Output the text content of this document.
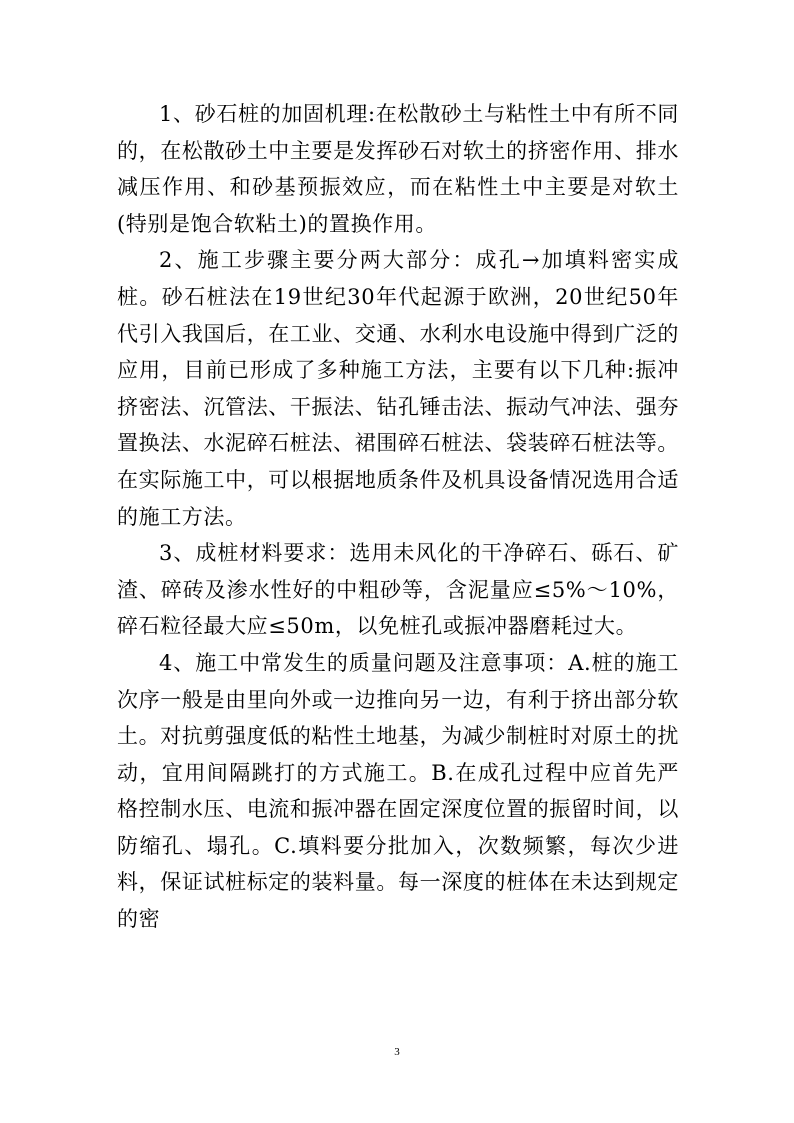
1、砂石桩的加固机理:在松散砂土与粘性土中有所不同的，在松散砂土中主要是发挥砂石对软土的挤密作用、排水减压作用、和砂基预振效应，而在粘性土中主要是对软土(特别是饱合软粘土)的置换作用。

2、施工步骤主要分两大部分：成孔→加填料密实成桩。砂石桩法在19世纪30年代起源于欧洲，20世纪50年代引入我国后，在工业、交通、水利水电设施中得到广泛的应用，目前已形成了多种施工方法，主要有以下几种:振冲挤密法、沉管法、干振法、钻孔锤击法、振动气冲法、强夯置换法、水泥碎石桩法、裙围碎石桩法、袋装碎石桩法等。在实际施工中，可以根据地质条件及机具设备情况选用合适的施工方法。

3、成桩材料要求：选用未风化的干净碎石、砾石、矿渣、碎砖及渗水性好的中粗砂等，含泥量应≤5%～10%，碎石粒径最大应≤50m，以免桩孔或振冲器磨耗过大。

4、施工中常发生的质量问题及注意事项：A.桩的施工次序一般是由里向外或一边推向另一边，有利于挤出部分软土。对抗剪强度低的粘性土地基，为减少制桩时对原土的扰动，宜用间隔跳打的方式施工。B.在成孔过程中应首先严格控制水压、电流和振冲器在固定深度位置的振留时间，以防缩孔、塌孔。C.填料要分批加入，次数频繁，每次少进料，保证试桩标定的装料量。每一深度的桩体在未达到规定的密

3
